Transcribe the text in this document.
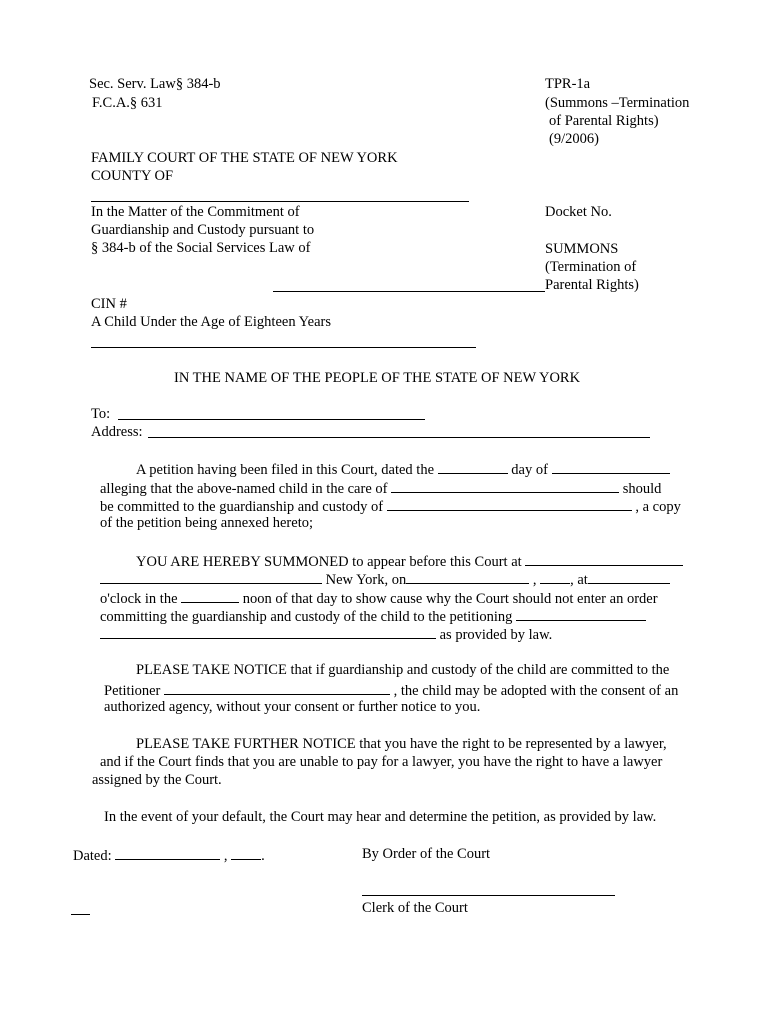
Sec. Serv. Law§ 384-b
F.C.A.§ 631
TPR-1a
(Summons –Termination
of Parental Rights)
(9/2006)
FAMILY COURT OF THE STATE OF NEW YORK
COUNTY OF
In the Matter of the Commitment of
Guardianship and Custody pursuant to
§ 384-b of the Social Services Law of
CIN #
A Child Under the Age of Eighteen Years
Docket No.
SUMMONS
(Termination of
Parental Rights)
IN THE NAME OF THE PEOPLE OF THE STATE OF NEW YORK
To:
Address:
A petition having been filed in this Court, dated the	day of
alleging that the above-named child in the care of	should
be committed to the guardianship and custody of	, a copy
of the petition being annexed hereto;
YOU ARE HEREBY SUMMONED to appear before this Court at
New York, on	, , at
o'clock in the	noon of that day to show cause why the Court should not enter an order
committing the guardianship and custody of the child to the petitioning
as provided by law.
PLEASE TAKE NOTICE that if guardianship and custody of the child are committed to the
Petitioner	, the child may be adopted with the consent of an
authorized agency, without your consent or further notice to you.
PLEASE TAKE FURTHER NOTICE that you have the right to be represented by a lawyer,
and if the Court finds that you are unable to pay for a lawyer, you have the right to have a lawyer
assigned by the Court.
In the event of your default, the Court may hear and determine the petition, as provided by law.
Dated:	, .	By Order of the Court
Clerk of the Court
